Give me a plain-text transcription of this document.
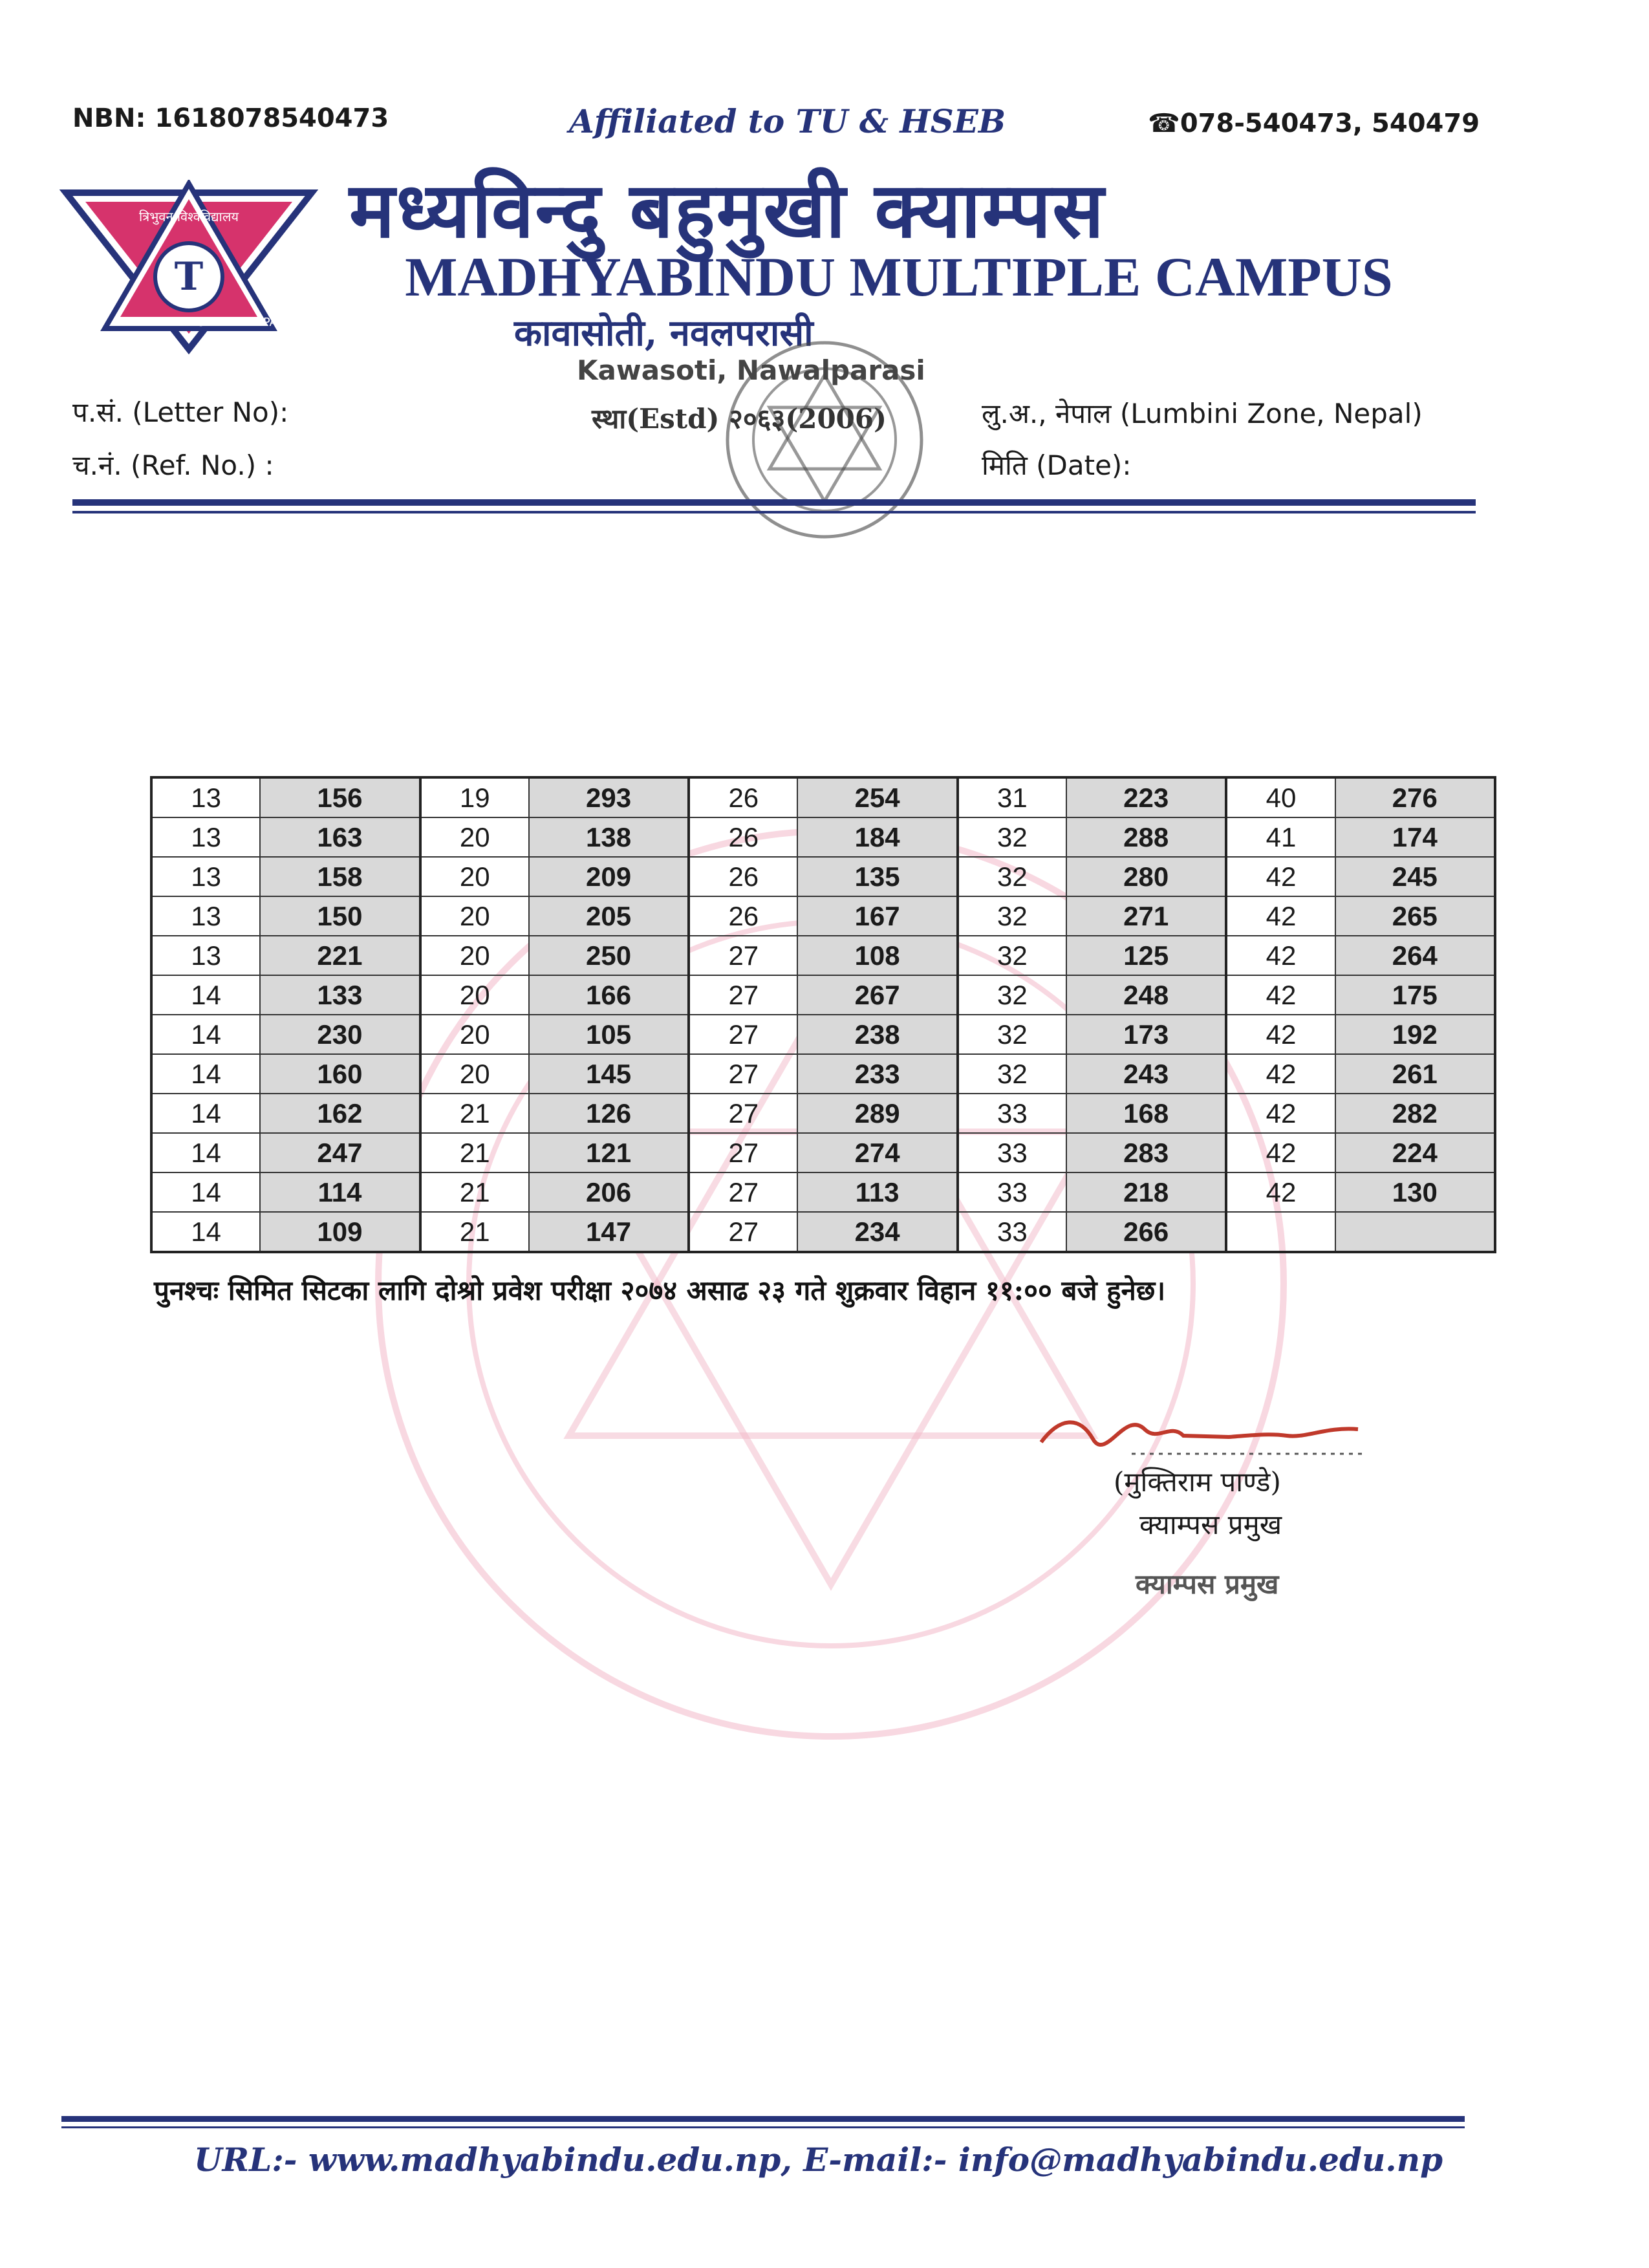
NBN: 1618078540473	Affiliated to TU & HSEB	☎078-540473, 540479
T
KATHMANDU	NEPAL
त्रिभुवन विश्वविद्यालय मध्यविन्दु बहुमुखी क्याम्पस
MADHYABINDU MULTIPLE CAMPUS
कावासोती, नवलपरासी
Kawasoti, Nawalparasi
स्था(Estd) २०६३(2006)
प.सं. (Letter No):
च.नं. (Ref. No.) :
लु.अ., नेपाल (Lumbini Zone, Nepal)
मिति (Date):
13	156	19	293	26	254	31	223	40	276
13	163	20	138	26	184	32	288	41	174
13	158	20	209	26	135	32	280	42	245
13	150	20	205	26	167	32	271	42	265
13	221	20	250	27	108	32	125	42	264
14	133	20	166	27	267	32	248	42	175
14	230	20	105	27	238	32	173	42	192
14	160	20	145	27	233	32	243	42	261
14	162	21	126	27	289	33	168	42	282
14	247	21	121	27	274	33	283	42	224
14	114	21	206	27	113	33	218	42	130
14	109	21	147	27	234	33	266		
पुनश्चः सिमित सिटका लागि दोश्रो प्रवेश परीक्षा २०७४ असाढ २३ गते शुक्रवार विहान ११:०० बजे हुनेछ।
(मुक्तिराम पाण्डे)
क्याम्पस प्रमुख
क्याम्पस प्रमुख
URL:- www.madhyabindu.edu.np, E-mail:- info@madhyabindu.edu.np
